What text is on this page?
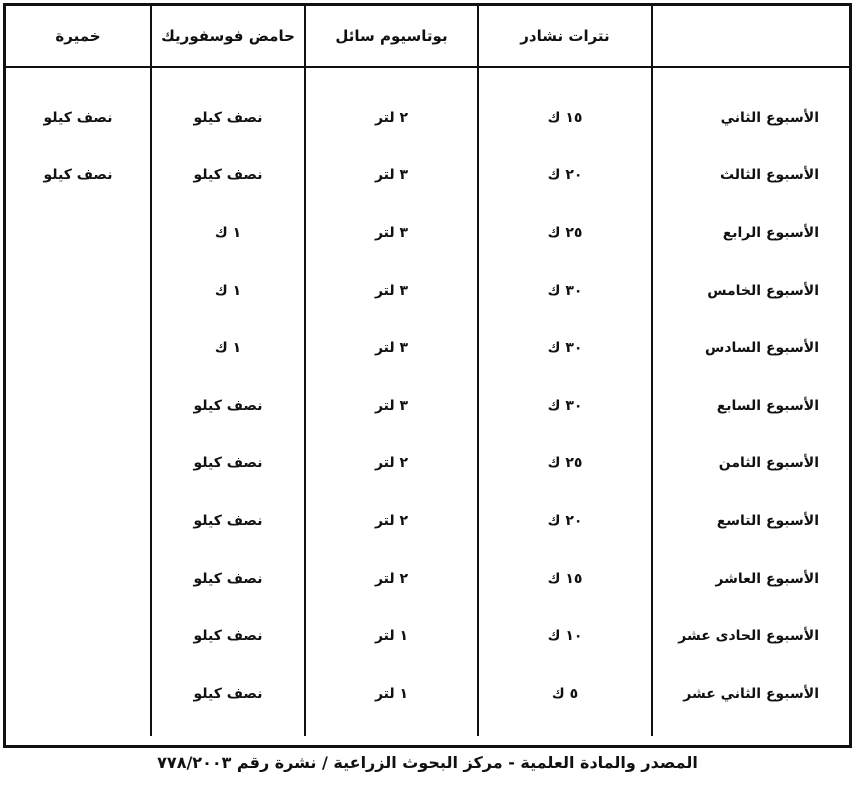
	نترات نشادر	بوتاسيوم سائل	حامض فوسفوريك	خميرة

الأسبوع الثاني	١٥ ك	٢ لتر	نصف كيلو	نصف كيلو
الأسبوع الثالث	٢٠ ك	٣ لتر	نصف كيلو	نصف كيلو
الأسبوع الرابع	٢٥ ك	٣ لتر	١ ك	
الأسبوع الخامس	٣٠ ك	٣ لتر	١ ك	
الأسبوع السادس	٣٠ ك	٣ لتر	١ ك	
الأسبوع السابع	٣٠ ك	٣ لتر	نصف كيلو	
الأسبوع الثامن	٢٥ ك	٢ لتر	نصف كيلو	
الأسبوع التاسع	٢٠ ك	٢ لتر	نصف كيلو	
الأسبوع العاشر	١٥ ك	٢ لتر	نصف كيلو	
الأسبوع الحادى عشر	١٠ ك	١ لتر	نصف كيلو	
الأسبوع الثاني عشر	٥ ك	١ لتر	نصف كيلو	

المصدر والمادة العلمية - مركز البحوث الزراعية / نشرة رقم ٧٧٨/٢٠٠٣
